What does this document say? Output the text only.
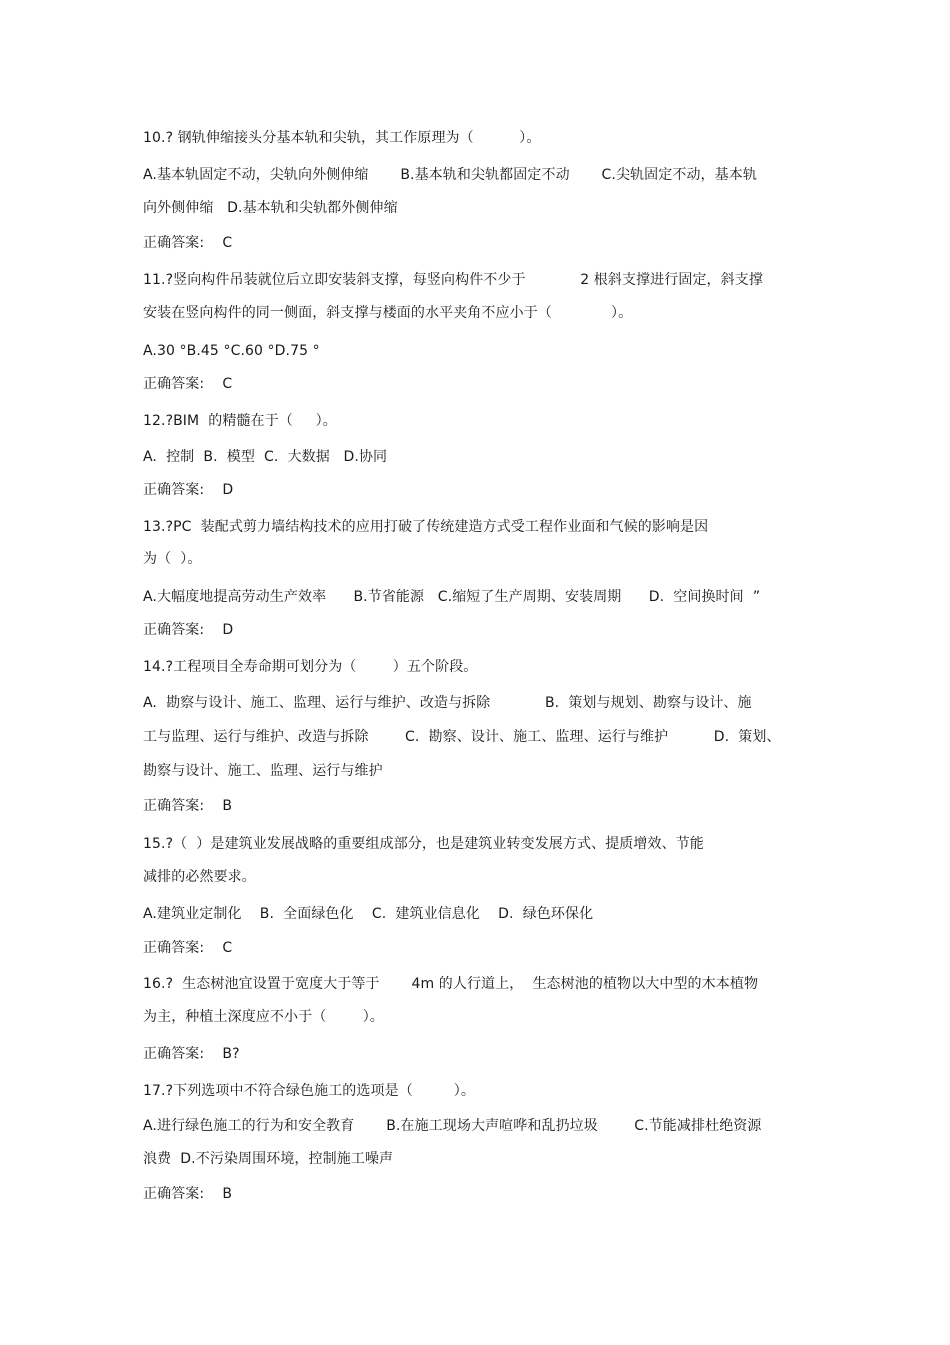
10.? 钢轨伸缩接头分基本轨和尖轨，其工作原理为（          ）。

A.基本轨固定不动，尖轨向外侧伸缩       B.基本轨和尖轨都固定不动       C.尖轨固定不动，基本轨

向外侧伸缩   D.基本轨和尖轨都外侧伸缩

正确答案:    C

11.?竖向构件吊装就位后立即安装斜支撑，每竖向构件不少于            2 根斜支撑进行固定，斜支撑

安装在竖向构件的同一侧面，斜支撑与楼面的水平夹角不应小于（             ）。

A.30 °B.45 °C.60 °D.75 °

正确答案:    C

12.?BIM  的精髓在于（     ）。

A.  控制  B.  模型  C.  大数据   D.协同

正确答案:    D

13.?PC  装配式剪力墙结构技术的应用打破了传统建造方式受工程作业面和气候的影响是因

为（  ）。

A.大幅度地提高劳动生产效率      B.节省能源   C.缩短了生产周期、安装周期      D.  空间换时间  ”

正确答案:    D

14.?工程项目全寿命期可划分为（        ）五个阶段。

A.  勘察与设计、施工、监理、运行与维护、改造与拆除            B.  策划与规划、勘察与设计、施

工与监理、运行与维护、改造与拆除        C.  勘察、设计、施工、监理、运行与维护          D.  策划、

勘察与设计、施工、监理、运行与维护

正确答案:    B

15.?（  ）是建筑业发展战略的重要组成部分，也是建筑业转变发展方式、提质增效、节能

减排的必然要求。

A.建筑业定制化    B.  全面绿色化    C.  建筑业信息化    D.  绿色环保化

正确答案:    C

16.?  生态树池宜设置于宽度大于等于       4m 的人行道上，  生态树池的植物以大中型的木本植物

为主，种植土深度应不小于（        ）。

正确答案:    B?

17.?下列选项中不符合绿色施工的选项是（         ）。

A.进行绿色施工的行为和安全教育       B.在施工现场大声喧哗和乱扔垃圾        C.节能减排杜绝资源

浪费  D.不污染周围环境，控制施工噪声

正确答案:    B
